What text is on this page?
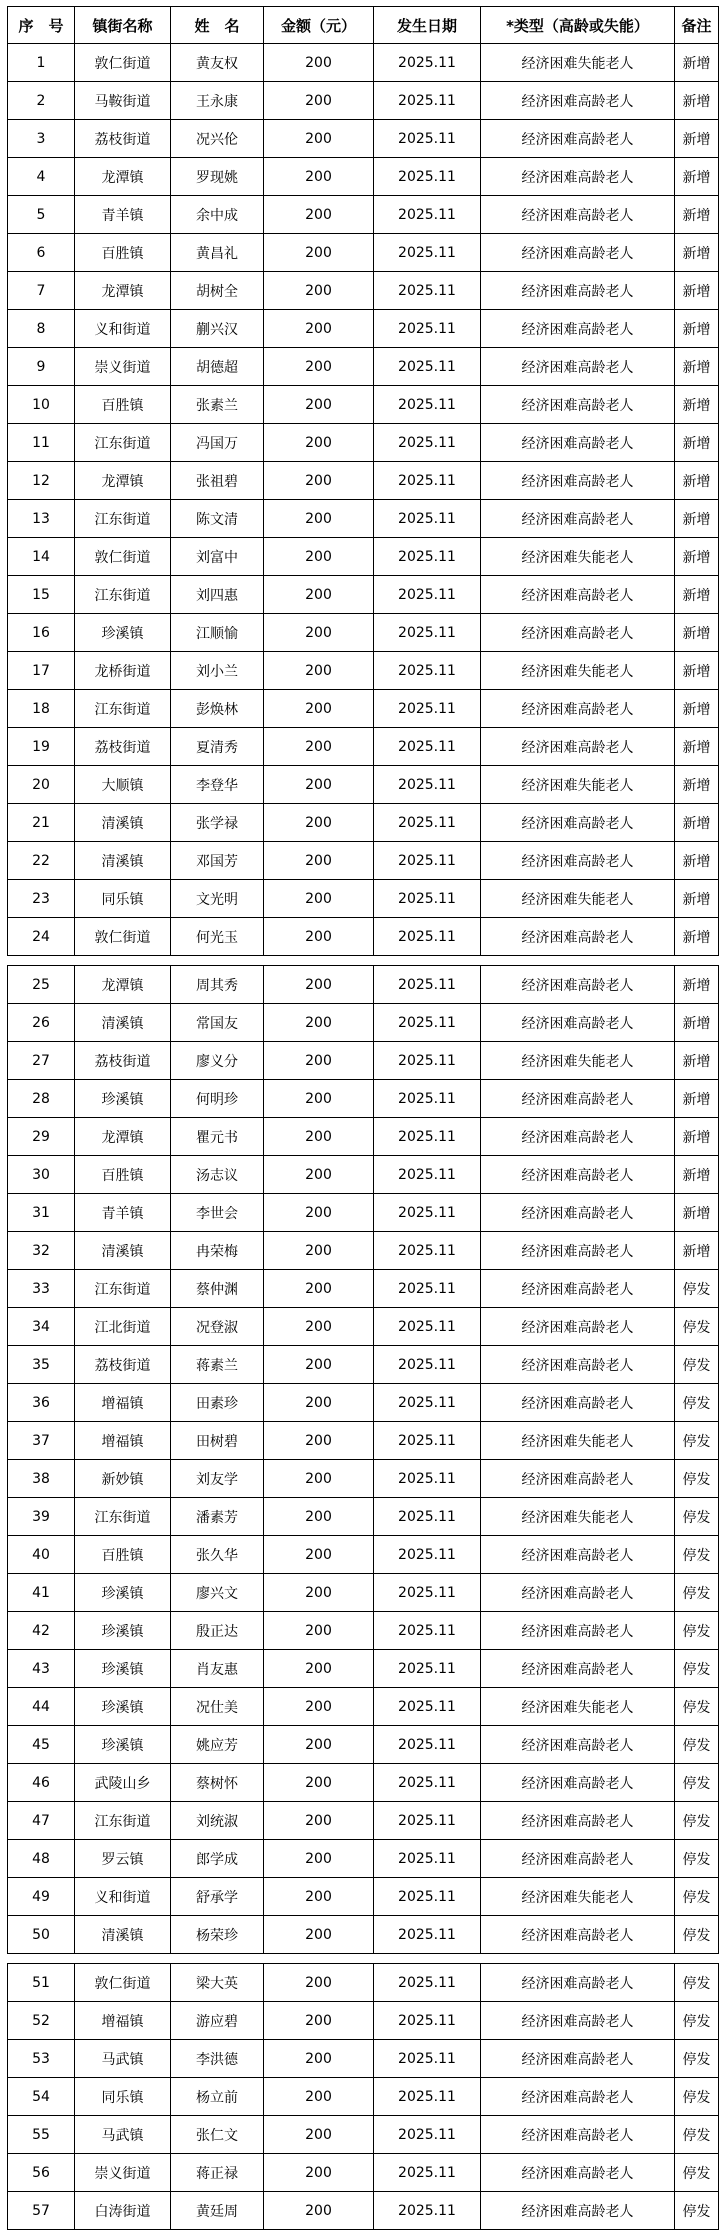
序　号	镇街名称	姓　名	金额（元）	发生日期	*类型（高龄或失能）	备注
1	敦仁街道	黄友权	200	2025.11	经济困难失能老人	新增
2	马鞍街道	王永康	200	2025.11	经济困难高龄老人	新增
3	荔枝街道	况兴伦	200	2025.11	经济困难高龄老人	新增
4	龙潭镇	罗现姚	200	2025.11	经济困难高龄老人	新增
5	青羊镇	余中成	200	2025.11	经济困难高龄老人	新增
6	百胜镇	黄昌礼	200	2025.11	经济困难高龄老人	新增
7	龙潭镇	胡树全	200	2025.11	经济困难高龄老人	新增
8	义和街道	蒯兴汉	200	2025.11	经济困难高龄老人	新增
9	崇义街道	胡德超	200	2025.11	经济困难高龄老人	新增
10	百胜镇	张素兰	200	2025.11	经济困难高龄老人	新增
11	江东街道	冯国万	200	2025.11	经济困难高龄老人	新增
12	龙潭镇	张祖碧	200	2025.11	经济困难高龄老人	新增
13	江东街道	陈文清	200	2025.11	经济困难高龄老人	新增
14	敦仁街道	刘富中	200	2025.11	经济困难失能老人	新增
15	江东街道	刘四惠	200	2025.11	经济困难高龄老人	新增
16	珍溪镇	江顺愉	200	2025.11	经济困难高龄老人	新增
17	龙桥街道	刘小兰	200	2025.11	经济困难失能老人	新增
18	江东街道	彭焕林	200	2025.11	经济困难高龄老人	新增
19	荔枝街道	夏清秀	200	2025.11	经济困难高龄老人	新增
20	大顺镇	李登华	200	2025.11	经济困难失能老人	新增
21	清溪镇	张学禄	200	2025.11	经济困难高龄老人	新增
22	清溪镇	邓国芳	200	2025.11	经济困难高龄老人	新增
23	同乐镇	文光明	200	2025.11	经济困难失能老人	新增
24	敦仁街道	何光玉	200	2025.11	经济困难高龄老人	新增

25	龙潭镇	周其秀	200	2025.11	经济困难高龄老人	新增
26	清溪镇	常国友	200	2025.11	经济困难高龄老人	新增
27	荔枝街道	廖义分	200	2025.11	经济困难失能老人	新增
28	珍溪镇	何明珍	200	2025.11	经济困难高龄老人	新增
29	龙潭镇	瞿元书	200	2025.11	经济困难高龄老人	新增
30	百胜镇	汤志议	200	2025.11	经济困难高龄老人	新增
31	青羊镇	李世会	200	2025.11	经济困难高龄老人	新增
32	清溪镇	冉荣梅	200	2025.11	经济困难高龄老人	新增
33	江东街道	蔡仲渊	200	2025.11	经济困难高龄老人	停发
34	江北街道	况登淑	200	2025.11	经济困难高龄老人	停发
35	荔枝街道	蒋素兰	200	2025.11	经济困难高龄老人	停发
36	增福镇	田素珍	200	2025.11	经济困难高龄老人	停发
37	增福镇	田树碧	200	2025.11	经济困难失能老人	停发
38	新妙镇	刘友学	200	2025.11	经济困难高龄老人	停发
39	江东街道	潘素芳	200	2025.11	经济困难失能老人	停发
40	百胜镇	张久华	200	2025.11	经济困难高龄老人	停发
41	珍溪镇	廖兴文	200	2025.11	经济困难高龄老人	停发
42	珍溪镇	殷正达	200	2025.11	经济困难高龄老人	停发
43	珍溪镇	肖友惠	200	2025.11	经济困难高龄老人	停发
44	珍溪镇	况仕美	200	2025.11	经济困难失能老人	停发
45	珍溪镇	姚应芳	200	2025.11	经济困难高龄老人	停发
46	武陵山乡	蔡树怀	200	2025.11	经济困难高龄老人	停发
47	江东街道	刘统淑	200	2025.11	经济困难高龄老人	停发
48	罗云镇	郎学成	200	2025.11	经济困难高龄老人	停发
49	义和街道	舒承学	200	2025.11	经济困难失能老人	停发
50	清溪镇	杨荣珍	200	2025.11	经济困难高龄老人	停发

51	敦仁街道	梁大英	200	2025.11	经济困难高龄老人	停发
52	增福镇	游应碧	200	2025.11	经济困难高龄老人	停发
53	马武镇	李洪德	200	2025.11	经济困难高龄老人	停发
54	同乐镇	杨立前	200	2025.11	经济困难高龄老人	停发
55	马武镇	张仁文	200	2025.11	经济困难高龄老人	停发
56	崇义街道	蒋正禄	200	2025.11	经济困难高龄老人	停发
57	白涛街道	黄廷周	200	2025.11	经济困难高龄老人	停发
